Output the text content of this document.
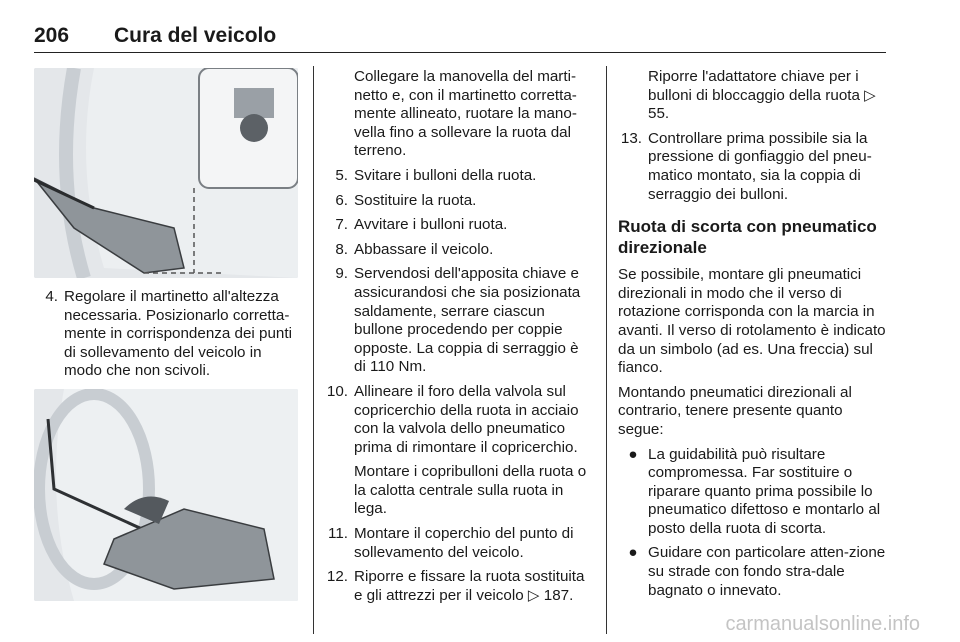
206 Cura del veicolo
4. Regolare il martinetto all'altezza necessaria. Posizionarlo corretta-mente in corrispondenza dei punti di sollevamento del veicolo in modo che non scivoli.
Collegare la manovella del marti-netto e, con il martinetto corretta-mente allineato, ruotare la mano-vella fino a sollevare la ruota dal terreno.
5. Svitare i bulloni della ruota.
6. Sostituire la ruota.
7. Avvitare i bulloni ruota.
8. Abbassare il veicolo.
9. Servendosi dell'apposita chiave e assicurandosi che sia posizionata saldamente, serrare ciascun bullone procedendo per coppie opposte. La coppia di serraggio è di 110 Nm.
10. Allineare il foro della valvola sul copricerchio della ruota in acciaio con la valvola dello pneumatico prima di rimontare il copricerchio.
Montare i copribulloni della ruota o la calotta centrale sulla ruota in lega.
11. Montare il coperchio del punto di sollevamento del veicolo.
12. Riporre e fissare la ruota sostituita e gli attrezzi per il veicolo ▷ 187.
Riporre l'adattatore chiave per i bulloni di bloccaggio della ruota ▷ 55.
13. Controllare prima possibile sia la pressione di gonfiaggio del pneu-matico montato, sia la coppia di serraggio dei bulloni.
Ruota di scorta con pneumatico direzionale
Se possibile, montare gli pneumatici direzionali in modo che il verso di rotazione corrisponda con la marcia in avanti. Il verso di rotolamento è indicato da un simbolo (ad es. Una freccia) sul fianco.
Montando pneumatici direzionali al contrario, tenere presente quanto segue:
● La guidabilità può risultare compromessa. Far sostituire o riparare quanto prima possibile lo pneumatico difettoso e montarlo al posto della ruota di scorta.
● Guidare con particolare atten-zione su strade con fondo stra-dale bagnato o innevato.
carmanualsonline.info
